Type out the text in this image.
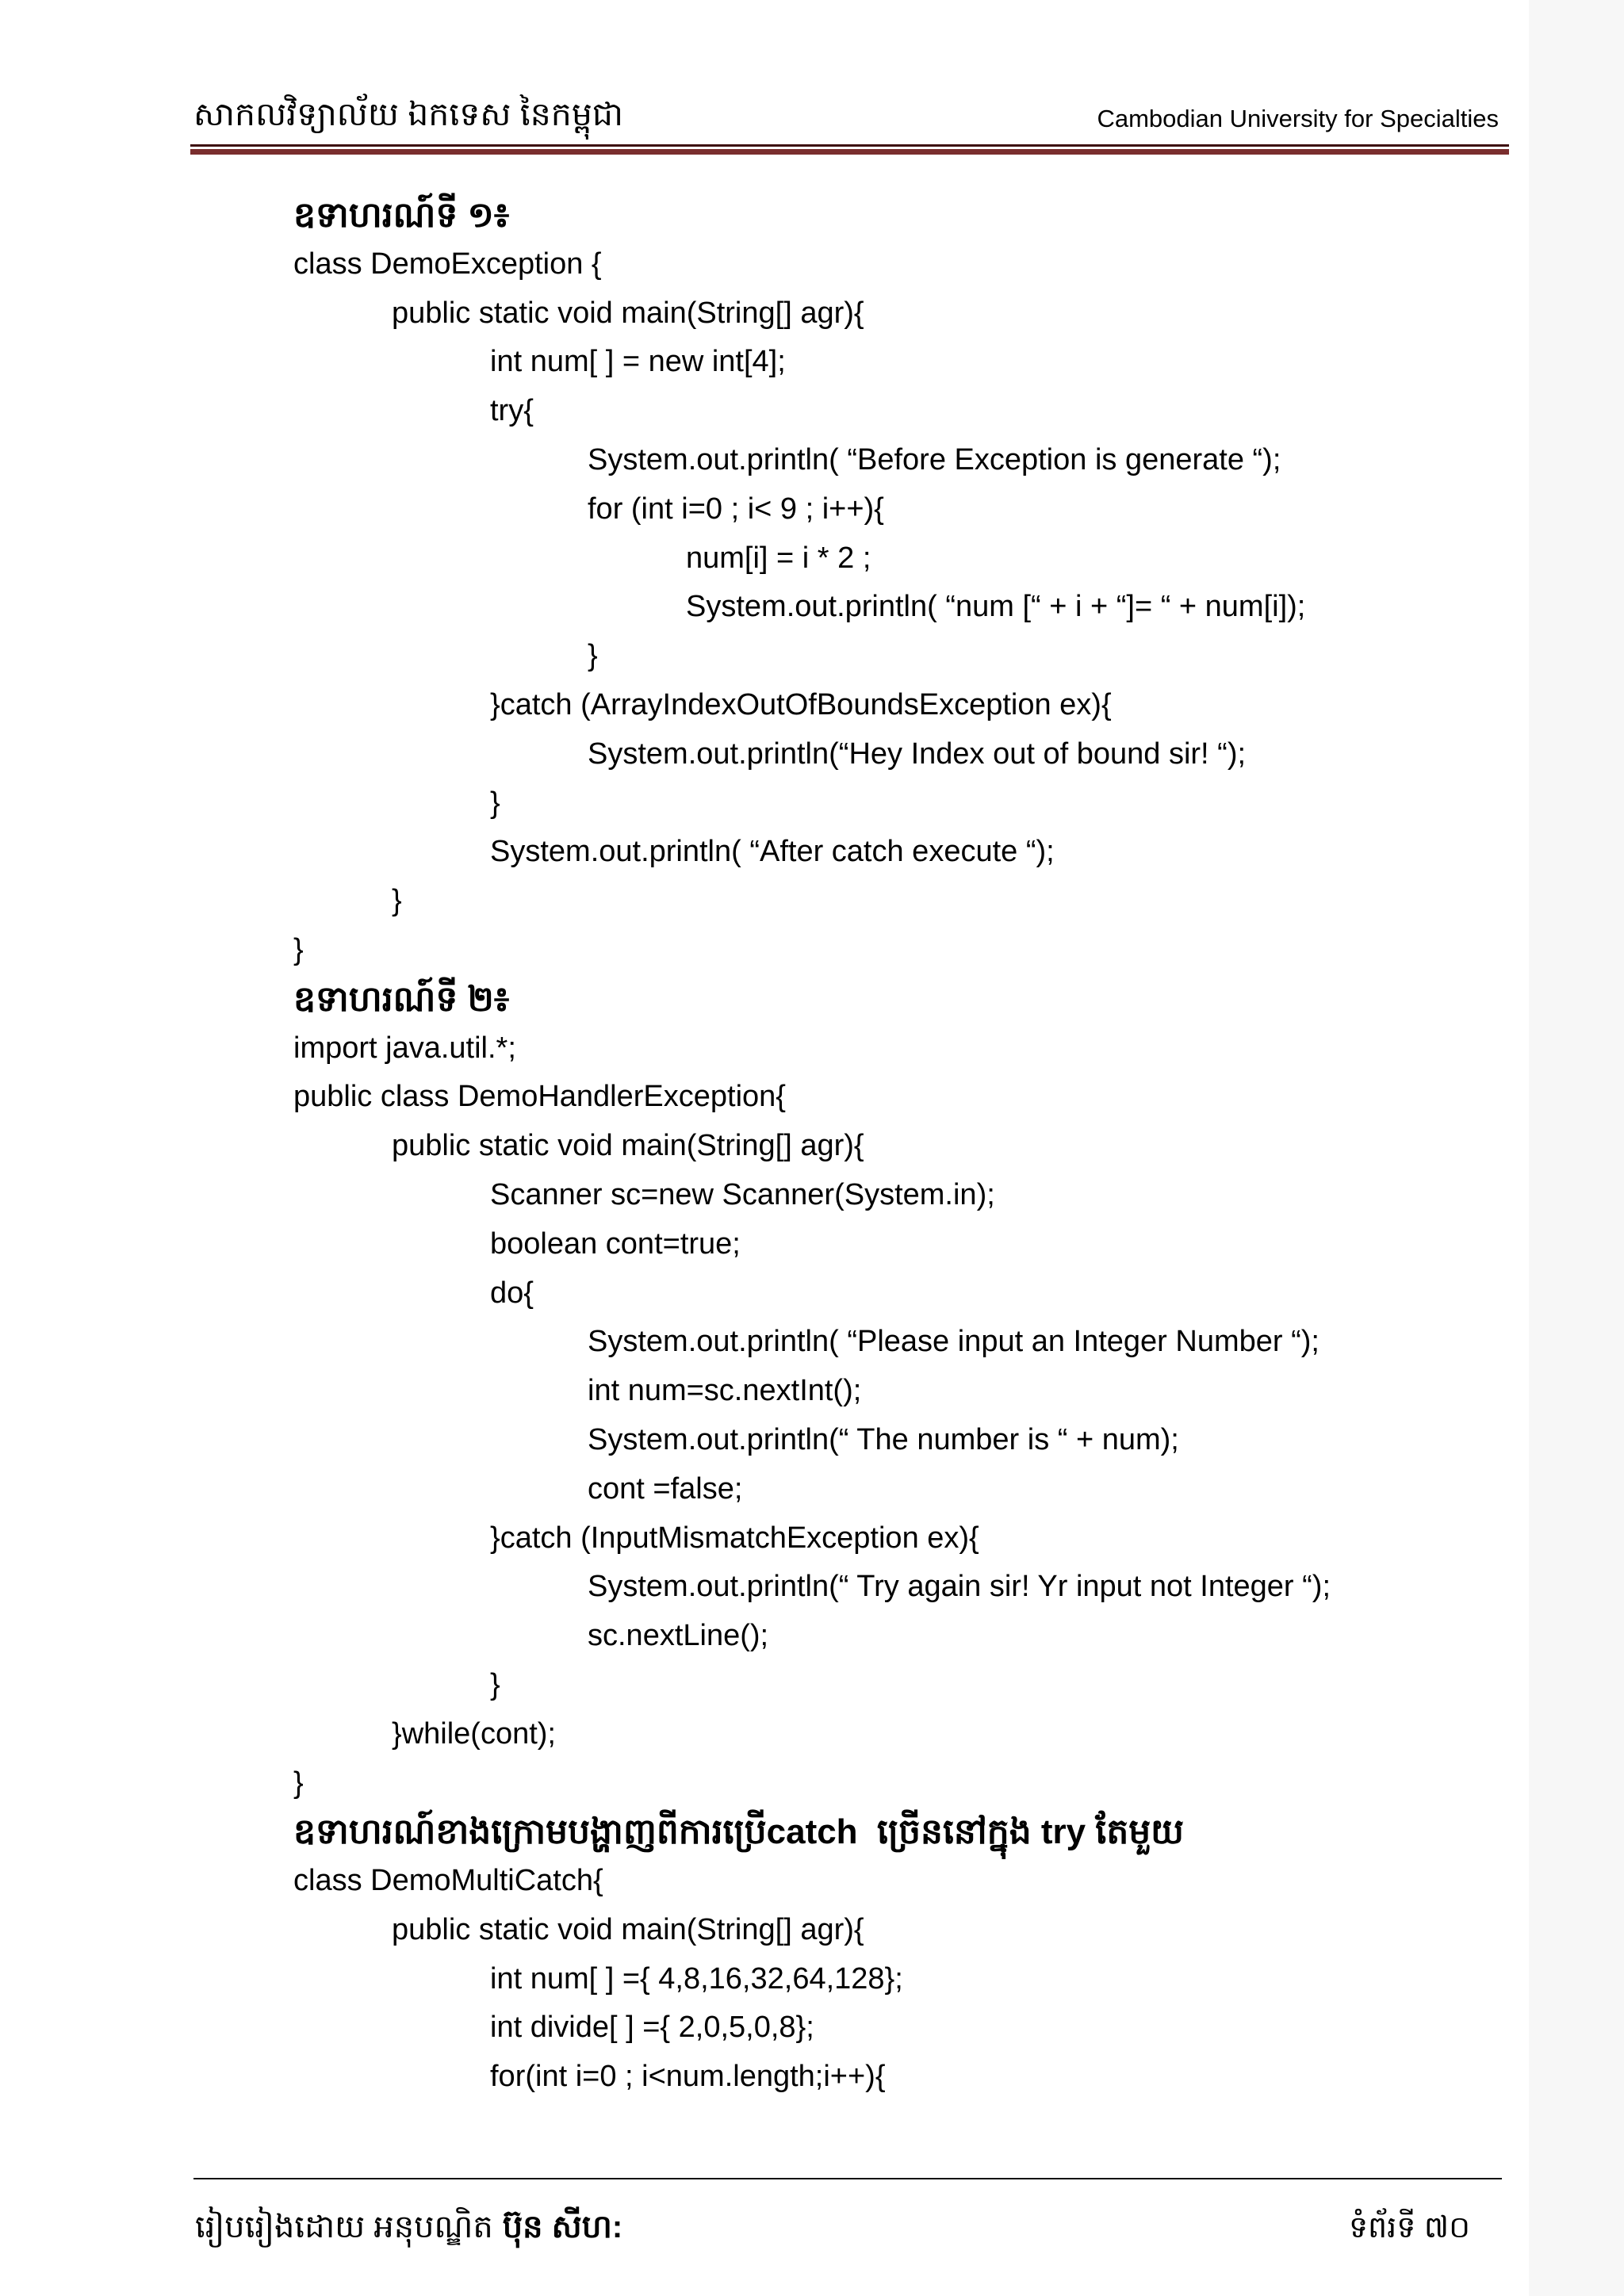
សាកលវិទ្យាល័យ ឯកទេស នៃកម្ពុជា	Cambodian University for Specialties
ឧទាហរណ៍ទី ១៖
class DemoException {
public static void main(String[] agr){
int num[ ] = new int[4];
try{
System.out.println( “Before Exception is generate “);
for (int i=0 ; i< 9 ; i++){
num[i] = i * 2 ;
System.out.println( “num [“ + i + “]= “ + num[i]);
}
}catch (ArrayIndexOutOfBoundsException ex){
System.out.println(“Hey Index out of bound sir! “);
}
System.out.println( “After catch execute “);
}
}
ឧទាហរណ៍ទី ២៖
import java.util.*;
public class DemoHandlerException{
public static void main(String[] agr){
Scanner sc=new Scanner(System.in);
boolean cont=true;
do{
System.out.println( “Please input an Integer Number “);
int num=sc.nextInt();
System.out.println(“ The number is “ + num);
cont =false;
}catch (InputMismatchException ex){
System.out.println(“ Try again sir! Yr input not Integer “);
sc.nextLine();
}
}while(cont);
}
ឧទាហរណ៍ខាងក្រោមបង្ហាញពីការប្រើcatch  ច្រើននៅក្នុង try តែមួយ
class DemoMultiCatch{
public static void main(String[] agr){
int num[ ] ={ 4,8,16,32,64,128};
int divide[ ] ={ 2,0,5,0,8};
for(int i=0 ; i<num.length;i++){
រៀបរៀងដោយ អនុបណ្ឌិត ប៊ុន សីហ:	ទំព័រទី ៧០
